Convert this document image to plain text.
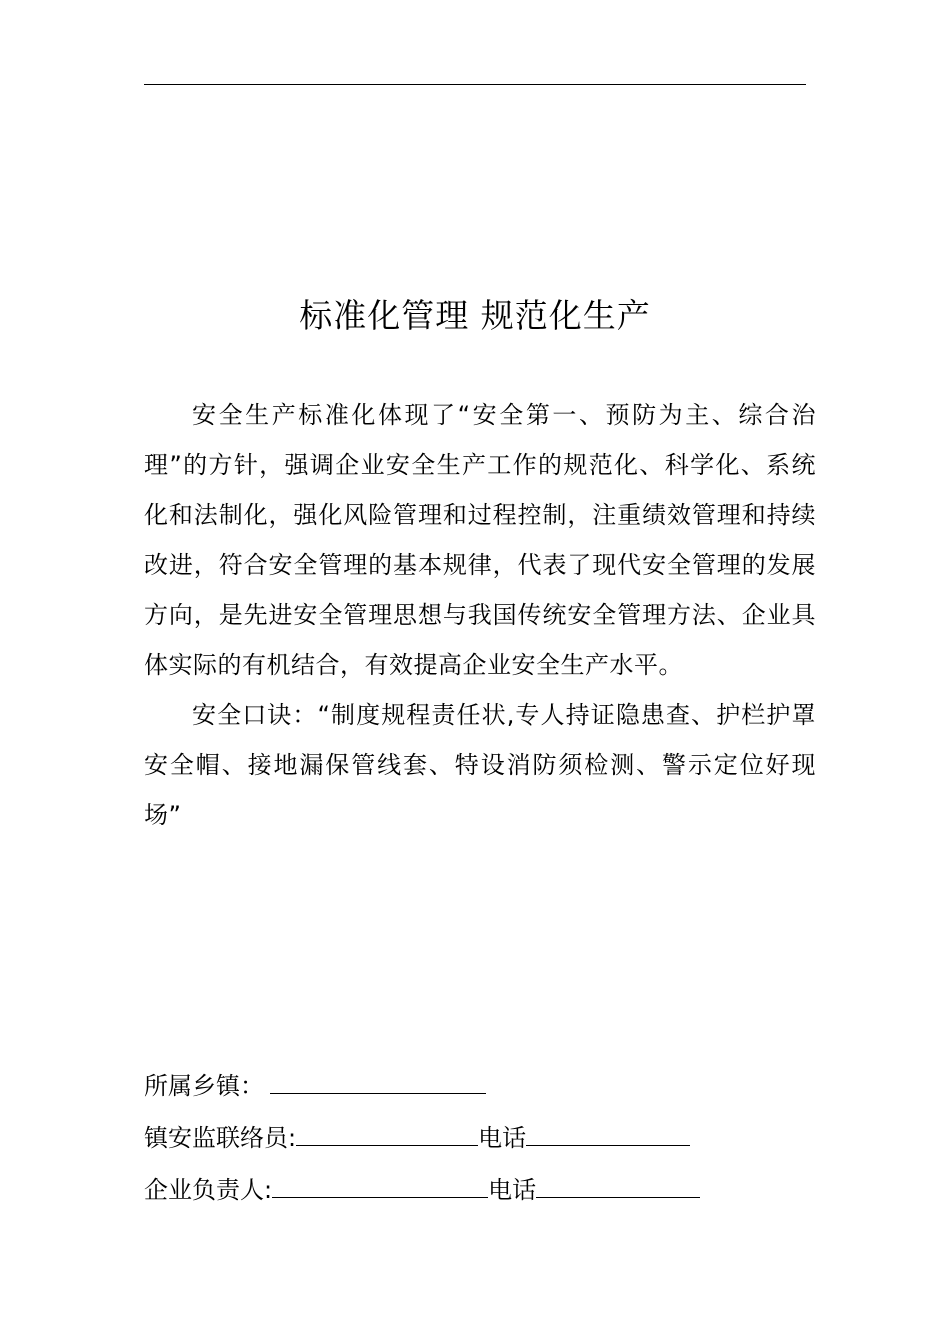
标准化管理 规范化生产

安全生产标准化体现了“安全第一、预防为主、综合治理”的方针，强调企业安全生产工作的规范化、科学化、系统化和法制化，强化风险管理和过程控制，注重绩效管理和持续改进，符合安全管理的基本规律，代表了现代安全管理的发展方向，是先进安全管理思想与我国传统安全管理方法、企业具体实际的有机结合，有效提高企业安全生产水平。

安全口诀：“制度规程责任状,专人持证隐患查、护栏护罩安全帽、接地漏保管线套、特设消防须检测、警示定位好现场”

所属乡镇：
镇安监联络员:	电话
企业负责人:	电话
